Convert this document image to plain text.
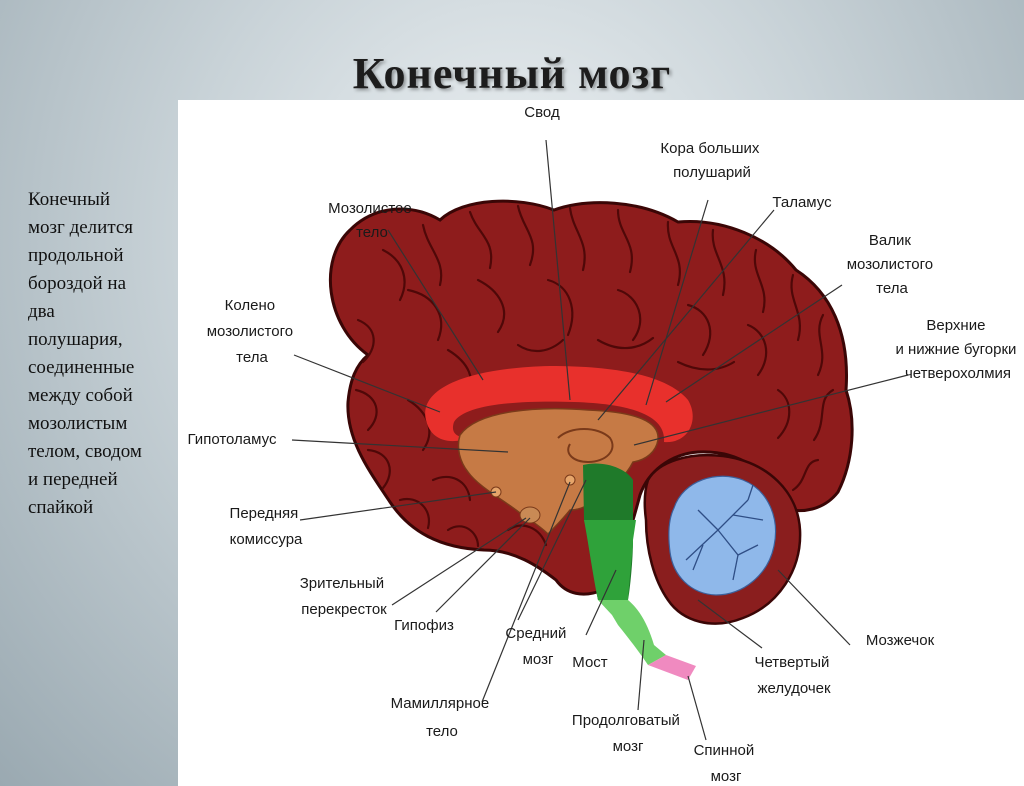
Конечный мозг
Конечный
мозг делится
продольной
бороздой на
два
полушария,
соединенные
между собой
мозолистым
телом, сводом
и передней
спайкой
Свод
Кора больших полушарий
Таламус
Мозолистое тело	Валик мозолистого тела
Колено мозолистого тела
Верхние и нижние бугорки четверохолмия
Гипотоламус
Передняя комиссура
Зрительный перекресток
Гипофиз	Средний мозг	Мост
Мозжечок
Четвертый желудочек
Мамиллярное тело
Продолговатый мозг	Спинной мозг
